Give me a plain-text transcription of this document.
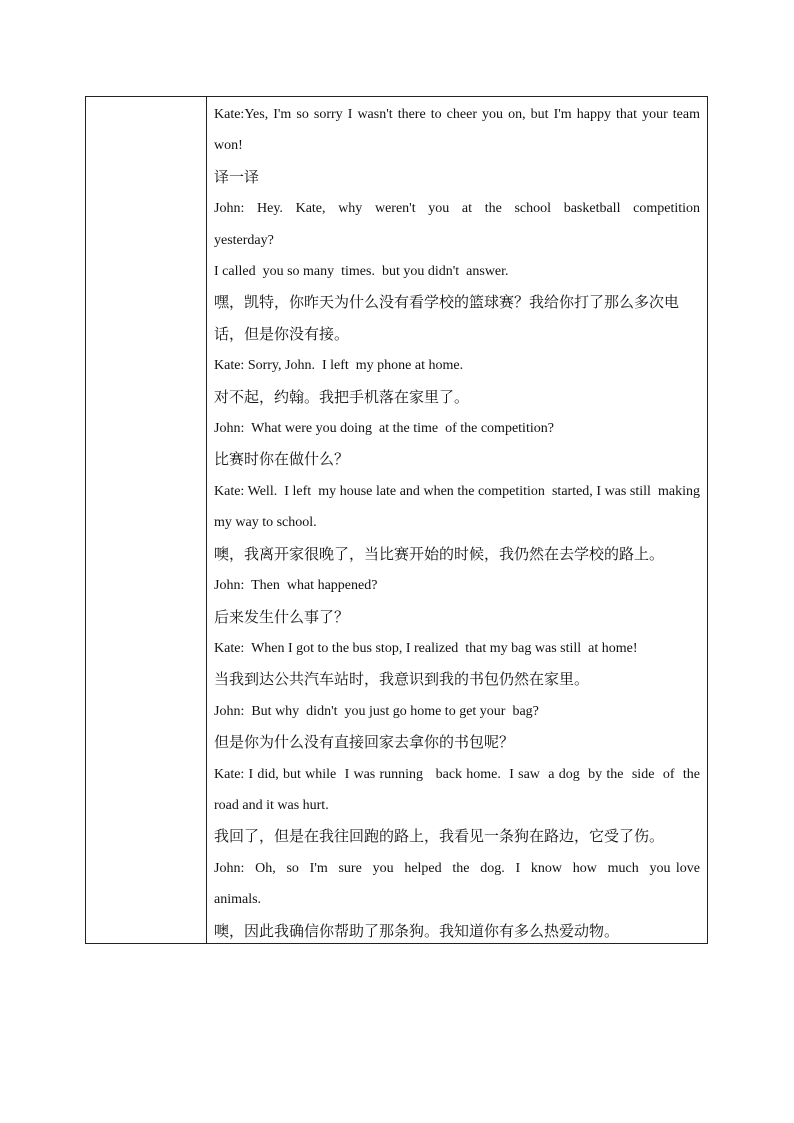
Kate:Yes, I'm so sorry I wasn't there to cheer you on, but I'm happy that your team won!

译一译

John:  Hey.  Kate,  why  weren't  you  at  the  school  basketball  competition  yesterday?

I called  you so many  times.  but you didn't  answer.

嘿，凯特，你昨天为什么没有看学校的篮球赛？我给你打了那么多次电话，但是你没有接。

Kate: Sorry, John.  I left  my phone at home.

对不起，约翰。我把手机落在家里了。

John:  What were you doing  at the time  of the competition?

比赛时你在做什么？

Kate: Well.  I left  my house late and when the competition  started, I was still  making  my way to school.

噢，我离开家很晚了，当比赛开始的时候，我仍然在去学校的路上。

John:  Then  what happened?

后来发生什么事了？

Kate:  When I got to the bus stop, I realized  that my bag was still  at home!

当我到达公共汽车站时，我意识到我的书包仍然在家里。

John:  But why  didn't  you just go home to get your  bag?

但是你为什么没有直接回家去拿你的书包呢？

Kate: I did, but while  I was running   back home.  I saw  a dog  by the  side  of  the road and it was hurt.

我回了，但是在我往回跑的路上，我看见一条狗在路边，它受了伤。

John:  Oh,  so  I'm  sure  you  helped  the  dog.  I  know  how  much  you love  animals.

噢，因此我确信你帮助了那条狗。我知道你有多么热爱动物。
